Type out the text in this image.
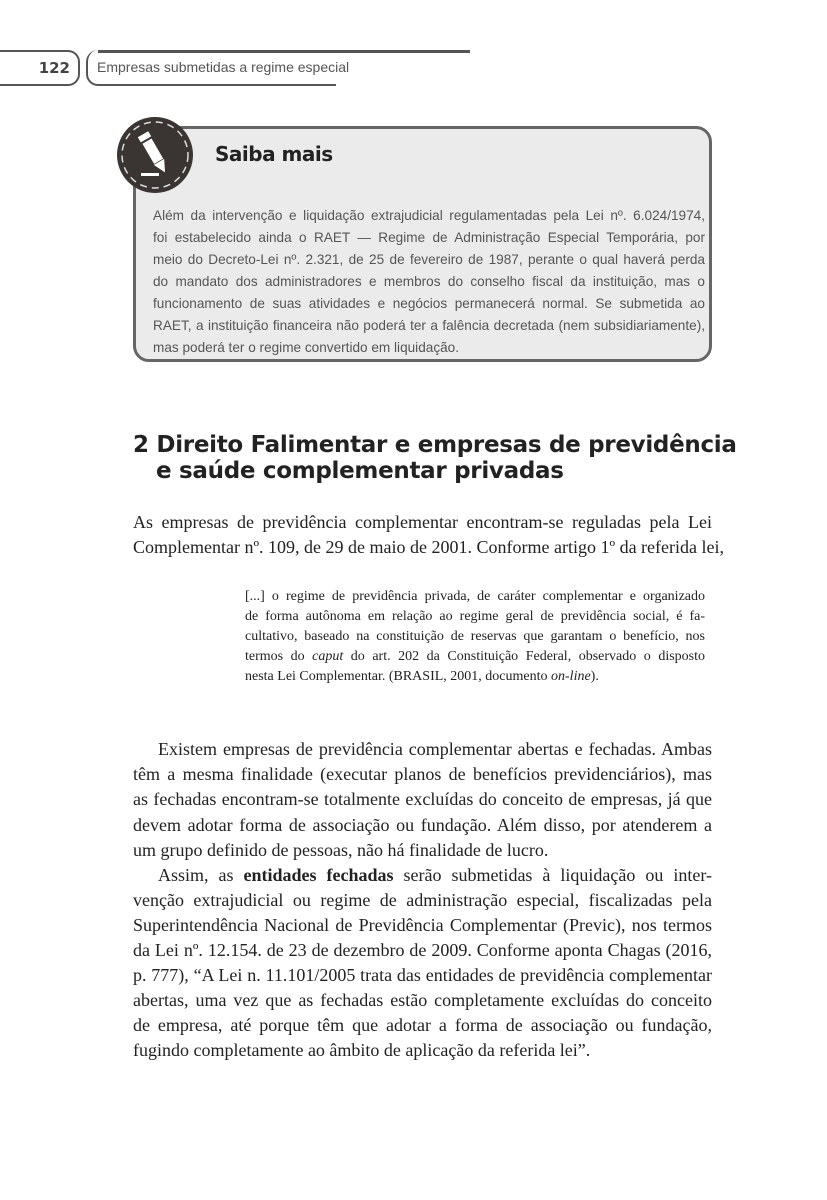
122 Empresas submetidas a regime especial
Saiba mais
Além da intervenção e liquidação extrajudicial regulamentadas pela Lei nº. 6.024/1974,
foi estabelecido ainda o RAET — Regime de Administração Especial Temporária, por
meio do Decreto-Lei nº. 2.321, de 25 de fevereiro de 1987, perante o qual haverá perda
do mandato dos administradores e membros do conselho fiscal da instituição, mas o
funcionamento de suas atividades e negócios permanecerá normal. Se submetida ao
RAET, a instituição financeira não poderá ter a falência decretada (nem subsidiariamente),
mas poderá ter o regime convertido em liquidação.
2 Direito Falimentar e empresas de previdência
e saúde complementar privadas
As empresas de previdência complementar encontram-se reguladas pela Lei
Complementar nº. 109, de 29 de maio de 2001. Conforme artigo 1º da referida lei,
[...] o regime de previdência privada, de caráter complementar e organizado
de forma autônoma em relação ao regime geral de previdência social, é fa-
cultativo, baseado na constituição de reservas que garantam o benefício, nos
termos do caput do art. 202 da Constituição Federal, observado o disposto
nesta Lei Complementar. (BRASIL, 2001, documento on-line).
Existem empresas de previdência complementar abertas e fechadas. Ambas
têm a mesma finalidade (executar planos de benefícios previdenciários), mas
as fechadas encontram-se totalmente excluídas do conceito de empresas, já que
devem adotar forma de associação ou fundação. Além disso, por atenderem a
um grupo definido de pessoas, não há finalidade de lucro.
Assim, as entidades fechadas serão submetidas à liquidação ou inter-
venção extrajudicial ou regime de administração especial, fiscalizadas pela
Superintendência Nacional de Previdência Complementar (Previc), nos termos
da Lei nº. 12.154. de 23 de dezembro de 2009. Conforme aponta Chagas (2016,
p. 777), “A Lei n. 11.101/2005 trata das entidades de previdência complementar
abertas, uma vez que as fechadas estão completamente excluídas do conceito
de empresa, até porque têm que adotar a forma de associação ou fundação,
fugindo completamente ao âmbito de aplicação da referida lei”.
